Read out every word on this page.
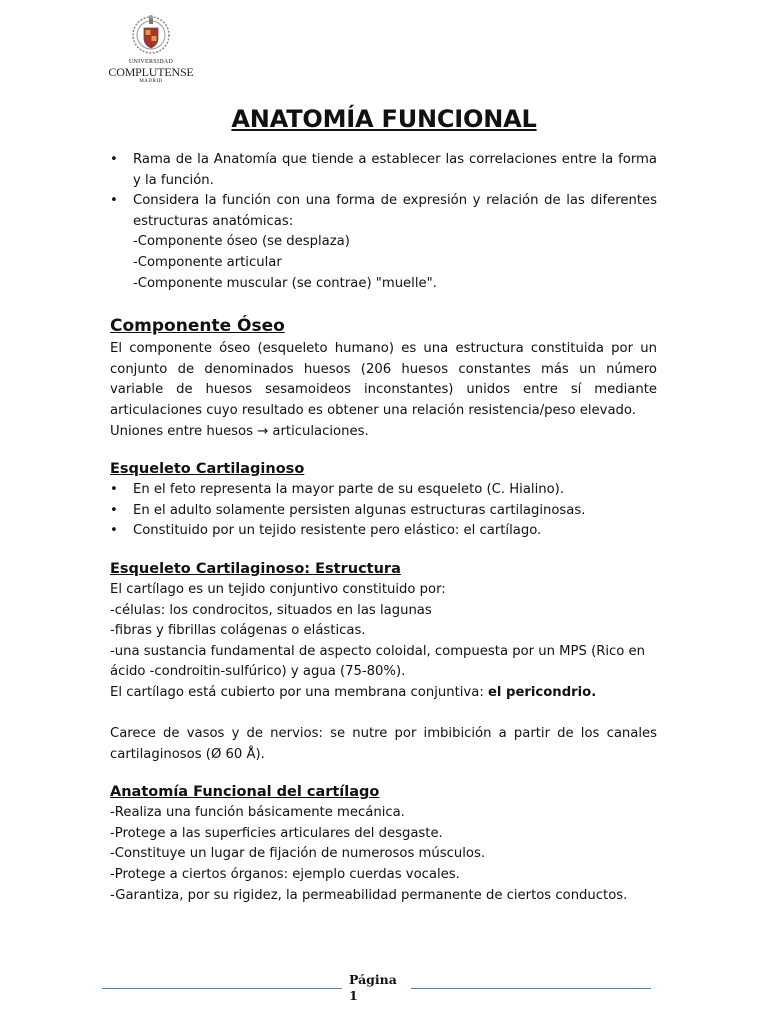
UNIVERSIDAD
COMPLUTENSE
MADRID
ANATOMÍA FUNCIONAL
• Rama de la Anatomía que tiende a establecer las correlaciones entre la forma y la función.
• Considera la función con una forma de expresión y relación de las diferentes estructuras anatómicas:

-Componente óseo (se desplaza)

-Componente articular

-Componente muscular (se contrae) "muelle".

Componente Óseo

El componente óseo (esqueleto humano) es una estructura constituida por un conjunto de denominados huesos (206 huesos constantes más un número variable de huesos sesamoideos inconstantes) unidos entre sí mediante articulaciones cuyo resultado es obtener una relación resistencia/peso elevado.

Uniones entre huesos → articulaciones.

Esqueleto Cartilaginoso
• En el feto representa la mayor parte de su esqueleto (C. Hialino).
• En el adulto solamente persisten algunas estructuras cartilaginosas.
• Constituido por un tejido resistente pero elástico: el cartílago.
Esqueleto Cartilaginoso: Estructura

El cartílago es un tejido conjuntivo constituido por:

-células: los condrocitos, situados en las lagunas

-fibras y fibrillas colágenas o elásticas.

-una sustancia fundamental de aspecto coloidal, compuesta por un MPS (Rico en ácido -condroitin-sulfúrico) y agua (75-80%).

El cartílago está cubierto por una membrana conjuntiva: el pericondrio.

Carece de vasos y de nervios: se nutre por imbibición a partir de los canales cartilaginosos (Ø 60 Å).

Anatomía Funcional del cartílago

-Realiza una función básicamente mecánica.

-Protege a las superficies articulares del desgaste.

-Constituye un lugar de fijación de numerosos músculos.

-Protege a ciertos órganos: ejemplo cuerdas vocales.

-Garantiza, por su rigidez, la permeabilidad permanente de ciertos conductos.

Página
1
